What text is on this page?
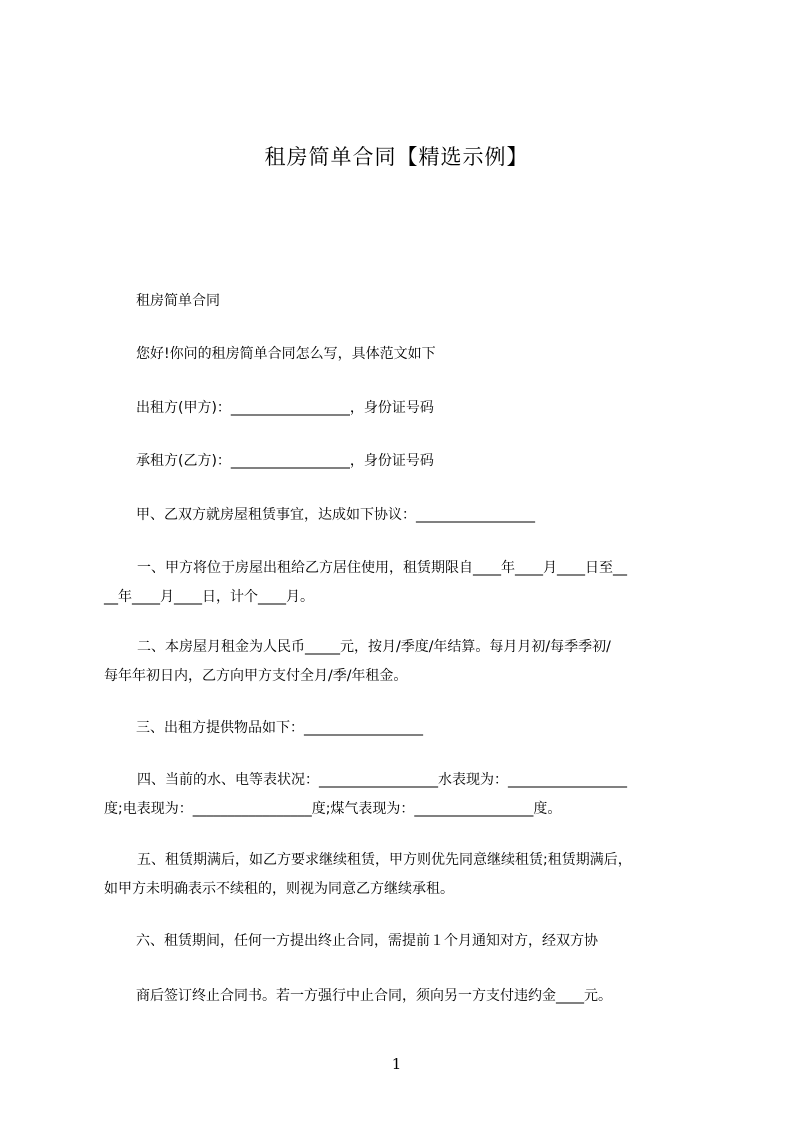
租房简单合同【精选示例】
租房简单合同
您好!你问的租房简单合同怎么写，具体范文如下
出租方(甲方)：_________________，身份证号码
承租方(乙方)：_________________，身份证号码
甲、乙双方就房屋租赁事宜，达成如下协议：_________________
一、甲方将位于房屋出租给乙方居住使用，租赁期限自____年____月____日至__
__年____月____日，计个____月。
二、本房屋月租金为人民币_____元，按月/季度/年结算。每月月初/每季季初/
每年年初日内，乙方向甲方支付全月/季/年租金。
三、出租方提供物品如下：_________________
四、当前的水、电等表状况：_________________水表现为：_________________
度;电表现为：_________________度;煤气表现为：_________________度。
五、租赁期满后，如乙方要求继续租赁，甲方则优先同意继续租赁;租赁期满后，
如甲方未明确表示不续租的，则视为同意乙方继续承租。
六、租赁期间，任何一方提出终止合同，需提前１个月通知对方，经双方协
商后签订终止合同书。若一方强行中止合同，须向另一方支付违约金____元。
1
